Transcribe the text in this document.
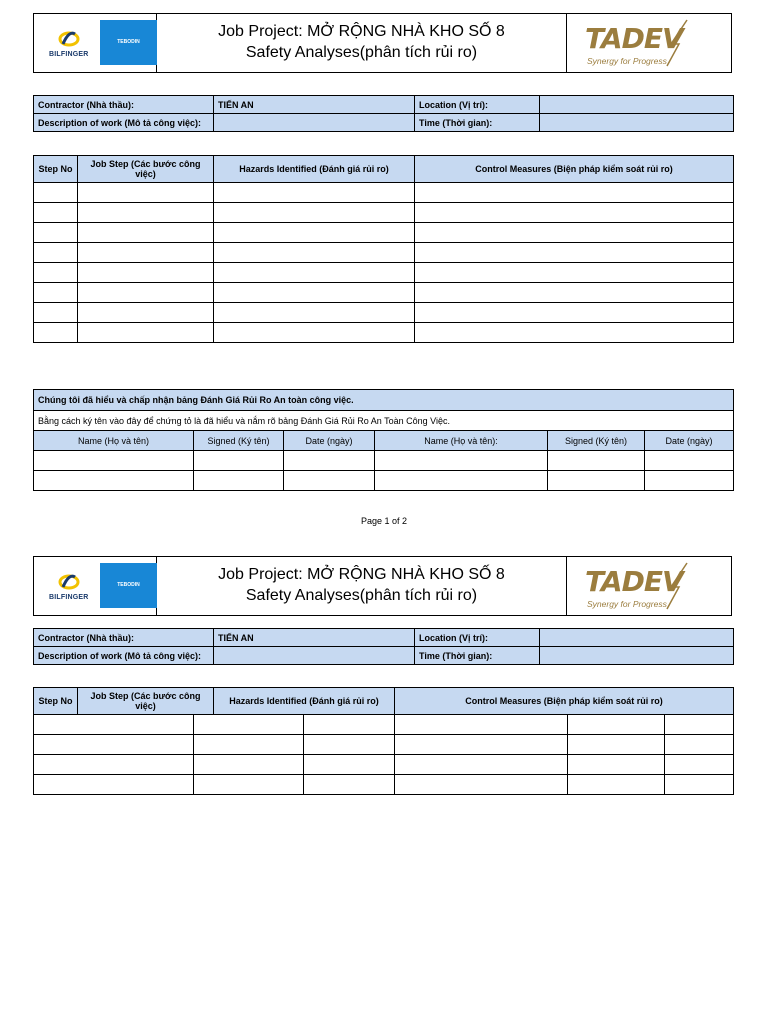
BILFINGER
TEBODIN
Job Project: MỞ RỘNG NHÀ KHO SỐ 8
Safety Analyses(phân tích rủi ro)	TADEV
Synergy for Progress
Contractor (Nhà thầu):	TIẾN AN	Location (Vị trí):	
Description of work (Mô tả công việc):		Time (Thời gian):	
Step No	Job Step (Các bước công việc)	Hazards Identified (Đánh giá rủi ro)	Control Measures (Biện pháp kiểm soát rủi ro)

Chúng tôi đã hiểu và chấp nhận bảng Đánh Giá Rủi Ro An toàn công việc.					
Bằng cách ký tên vào đây để chứng tỏ là đã hiểu và nắm rõ bảng Đánh Giá Rủi Ro An Toàn Công Việc.					
Name (Họ và tên)	Signed (Ký tên)	Date (ngày)	Name (Họ và tên):	Signed (Ký tên)	Date (ngày)

Page 1 of 2
BILFINGER
TEBODIN
Job Project: MỞ RỘNG NHÀ KHO SỐ 8
Safety Analyses(phân tích rủi ro)	TADEV
Synergy for Progress
Contractor (Nhà thầu):	TIẾN AN	Location (Vị trí):	
Description of work (Mô tả công việc):		Time (Thời gian):	
Step No	Job Step (Các bước công việc)		Hazards Identified (Đánh giá rủi ro)		Control Measures (Biện pháp kiểm soát rủi ro)		
